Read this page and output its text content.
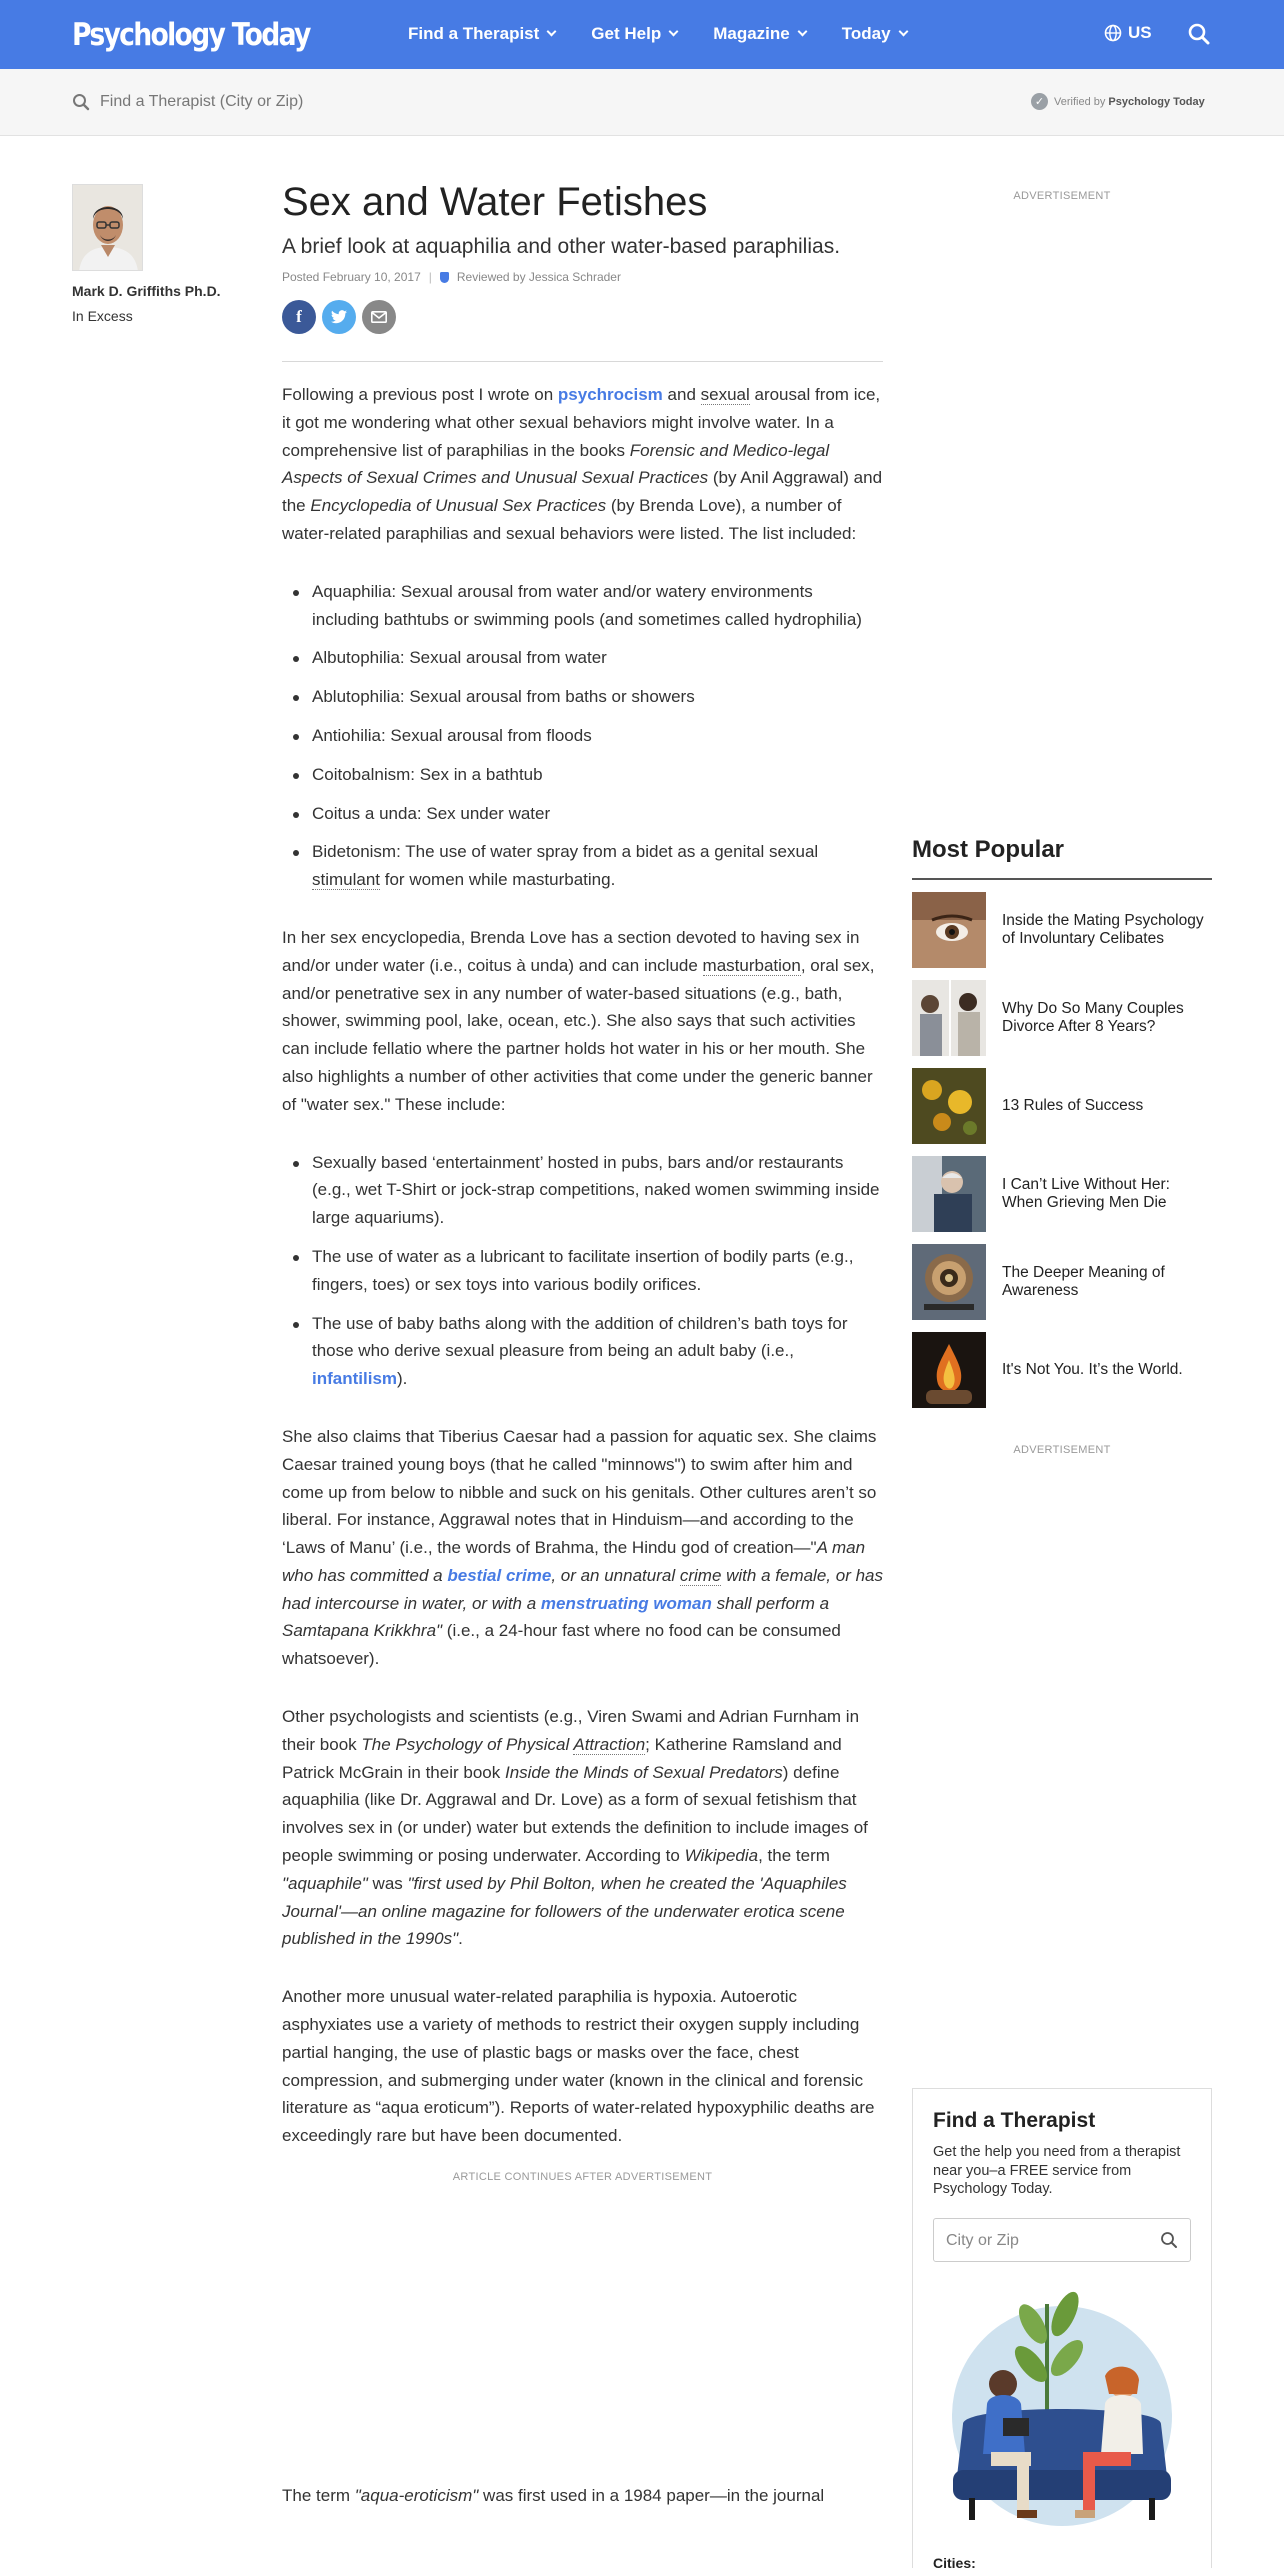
Psychology Today	Find a Therapist	Get Help	Magazine	Today	US
Find a Therapist (City or Zip)
✓ Verified by Psychology Today
Mark D. Griffiths Ph.D.
In Excess
Sex and Water Fetishes
A brief look at aquaphilia and other water-based paraphilias.
Posted February 10, 2017 | Reviewed by Jessica Schrader
f

Following a previous post I wrote on psychrocism and sexual arousal from ice, it got me wondering what other sexual behaviors might involve water. In a comprehensive list of paraphilias in the books Forensic and Medico-legal Aspects of Sexual Crimes and Unusual Sexual Practices (by Anil Aggrawal) and the Encyclopedia of Unusual Sex Practices (by Brenda Love), a number of water-related paraphilias and sexual behaviors were listed. The list included:

Aquaphilia: Sexual arousal from water and/or watery environments including bathtubs or swimming pools (and sometimes called hydrophilia)
Albutophilia: Sexual arousal from water
Ablutophilia: Sexual arousal from baths or showers
Antiohilia: Sexual arousal from floods
Coitobalnism: Sex in a bathtub
Coitus a unda: Sex under water
Bidetonism: The use of water spray from a bidet as a genital sexual stimulant for women while masturbating.

In her sex encyclopedia, Brenda Love has a section devoted to having sex in and/or under water (i.e., coitus à unda) and can include masturbation, oral sex, and/or penetrative sex in any number of water-based situations (e.g., bath, shower, swimming pool, lake, ocean, etc.). She also says that such activities can include fellatio where the partner holds hot water in his or her mouth. She also highlights a number of other activities that come under the generic banner of "water sex." These include:

Sexually based ‘entertainment’ hosted in pubs, bars and/or restaurants (e.g., wet T-Shirt or jock-strap competitions, naked women swimming inside large aquariums).
The use of water as a lubricant to facilitate insertion of bodily parts (e.g., fingers, toes) or sex toys into various bodily orifices.
The use of baby baths along with the addition of children’s bath toys for those who derive sexual pleasure from being an adult baby (i.e., infantilism).

She also claims that Tiberius Caesar had a passion for aquatic sex. She claims Caesar trained young boys (that he called "minnows") to swim after him and come up from below to nibble and suck on his genitals. Other cultures aren’t so liberal. For instance, Aggrawal notes that in Hinduism—and according to the ‘Laws of Manu’ (i.e., the words of Brahma, the Hindu god of creation—"A man who has committed a bestial crime, or an unnatural crime with a female, or has had intercourse in water, or with a menstruating woman shall perform a Samtapana Krikkhra" (i.e., a 24-hour fast where no food can be consumed whatsoever).

Other psychologists and scientists (e.g., Viren Swami and Adrian Furnham in their book The Psychology of Physical Attraction; Katherine Ramsland and Patrick McGrain in their book Inside the Minds of Sexual Predators) define aquaphilia (like Dr. Aggrawal and Dr. Love) as a form of sexual fetishism that involves sex in (or under) water but extends the definition to include images of people swimming or posing underwater. According to Wikipedia, the term "aquaphile" was "first used by Phil Bolton, when he created the 'Aquaphiles Journal'—an online magazine for followers of the underwater erotica scene published in the 1990s".

Another more unusual water-related paraphilia is hypoxia. Autoerotic asphyxiates use a variety of methods to restrict their oxygen supply including partial hanging, the use of plastic bags or masks over the face, chest compression, and submerging under water (known in the clinical and forensic literature as “aqua eroticum”). Reports of water-related hypoxyphilic deaths are exceedingly rare but have been documented.

ARTICLE CONTINUES AFTER ADVERTISEMENT

The term "aqua-eroticism" was first used in a 1984 paper—in the journal

ADVERTISEMENT
Most Popular
Inside the Mating Psychology of Involuntary Celibates
Why Do So Many Couples Divorce After 8 Years?
13 Rules of Success
I Can’t Live Without Her: When Grieving Men Die
The Deeper Meaning of Awareness
It's Not You. It’s the World.
ADVERTISEMENT
Find a Therapist
Get the help you need from a therapist near you–a FREE service from Psychology Today.
City or Zip
Cities:
